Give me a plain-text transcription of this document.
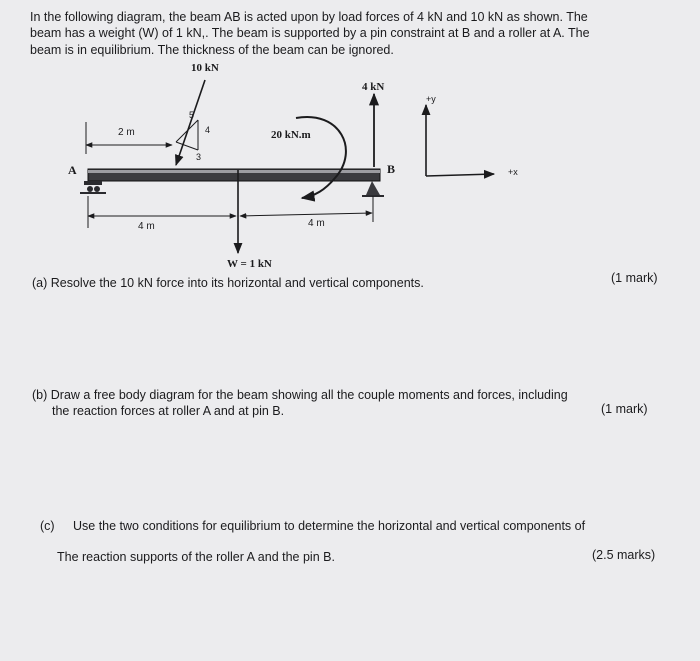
In the following diagram, the beam AB is acted upon by load forces of 4 kN and 10 kN as shown. The
beam has a weight (W) of 1 kN,. The beam is supported by a pin constraint at B and a roller at A. The
beam is in equilibrium. The thickness of the beam can be ignored.
10 kN
4 kN
20 kN.m
2 m
4 m	4 m
W = 1 kN
A	B
5
4
3
+y
+x
(a) Resolve the 10 kN force into its horizontal and vertical components.	(1 mark)
(b) Draw a free body diagram for the beam showing all the couple moments and forces, including
the reaction forces at roller A and at pin B.	(1 mark)
(c) Use the two conditions for equilibrium to determine the horizontal and vertical components of
The reaction supports of the roller A and the pin B.	(2.5 marks)
